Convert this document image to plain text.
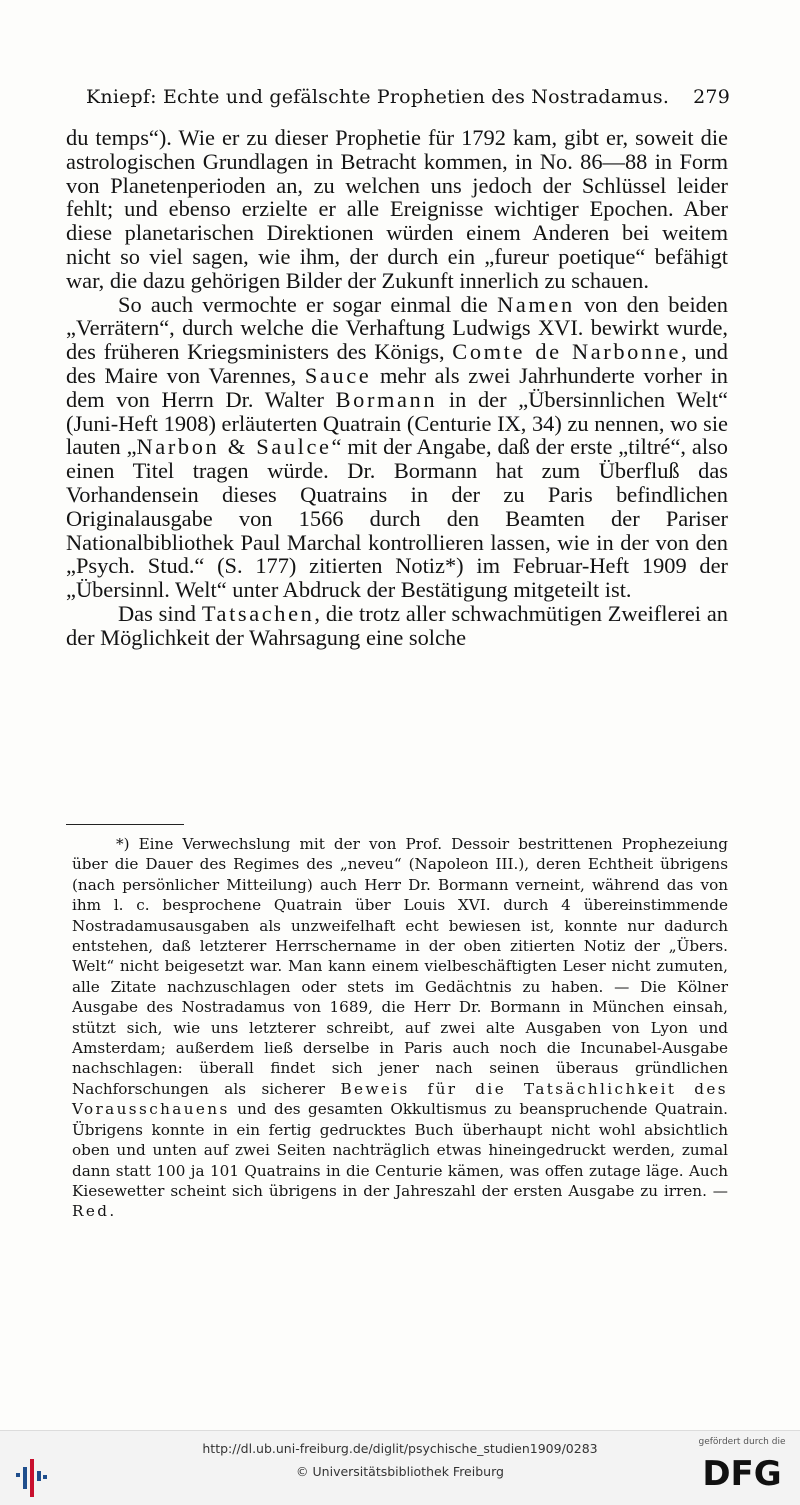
Kniepf: Echte und gefälschte Prophetien des Nostradamus. 279

du temps“). Wie er zu dieser Prophetie für 1792 kam, gibt er, soweit die astrologischen Grundlagen in Betracht kommen, in No. 86—88 in Form von Planetenperioden an, zu welchen uns jedoch der Schlüssel leider fehlt; und ebenso erzielte er alle Ereignisse wichtiger Epochen. Aber diese planetarischen Direktionen würden einem Anderen bei weitem nicht so viel sagen, wie ihm, der durch ein „fureur poetique“ befähigt war, die dazu gehörigen Bilder der Zukunft innerlich zu schauen.

So auch vermochte er sogar einmal die Namen von den beiden „Verrätern“, durch welche die Verhaftung Ludwigs XVI. bewirkt wurde, des früheren Kriegsministers des Königs, Comte de Narbonne, und des Maire von Varennes, Sauce mehr als zwei Jahrhunderte vorher in dem von Herrn Dr. Walter Bormann in der „Übersinnlichen Welt“ (Juni-Heft 1908) erläuterten Quatrain (Centurie IX, 34) zu nennen, wo sie lauten „Narbon & Saulce“ mit der Angabe, daß der erste „tiltré“, also einen Titel tragen würde. Dr. Bormann hat zum Überfluß das Vorhandensein dieses Quatrains in der zu Paris befindlichen Originalausgabe von 1566 durch den Beamten der Pariser Nationalbibliothek Paul Marchal kontrollieren lassen, wie in der von den „Psych. Stud.“ (S. 177) zitierten Notiz*) im Februar-Heft 1909 der „Übersinnl. Welt“ unter Abdruck der Bestätigung mitgeteilt ist.

Das sind Tatsachen, die trotz aller schwachmütigen Zweiflerei an der Möglichkeit der Wahrsagung eine solche

*) Eine Verwechslung mit der von Prof. Dessoir bestrittenen Prophezeiung über die Dauer des Regimes des „neveu“ (Napoleon III.), deren Echtheit übrigens (nach persönlicher Mitteilung) auch Herr Dr. Bormann verneint, während das von ihm l. c. besprochene Quatrain über Louis XVI. durch 4 übereinstimmende Nostradamusausgaben als unzweifelhaft echt bewiesen ist, konnte nur dadurch entstehen, daß letzterer Herrschername in der oben zitierten Notiz der „Übers. Welt“ nicht beigesetzt war. Man kann einem vielbeschäftigten Leser nicht zumuten, alle Zitate nachzuschlagen oder stets im Gedächtnis zu haben. — Die Kölner Ausgabe des Nostradamus von 1689, die Herr Dr. Bormann in München einsah, stützt sich, wie uns letzterer schreibt, auf zwei alte Ausgaben von Lyon und Amsterdam; außerdem ließ derselbe in Paris auch noch die Incunabel-Ausgabe nachschlagen: überall findet sich jener nach seinen überaus gründlichen Nachforschungen als sicherer Beweis für die Tatsächlichkeit des Vorausschauens und des gesamten Okkultismus zu beanspruchende Quatrain. Übrigens konnte in ein fertig gedrucktes Buch überhaupt nicht wohl absichtlich oben und unten auf zwei Seiten nachträglich etwas hineingedruckt werden, zumal dann statt 100 ja 101 Quatrains in die Centurie kämen, was offen zutage läge. Auch Kiesewetter scheint sich übrigens in der Jahreszahl der ersten Ausgabe zu irren. — Red.

http://dl.ub.uni-freiburg.de/diglit/psychische_studien1909/0283
© Universitätsbibliothek Freiburg
gefördert durch die
DFG
